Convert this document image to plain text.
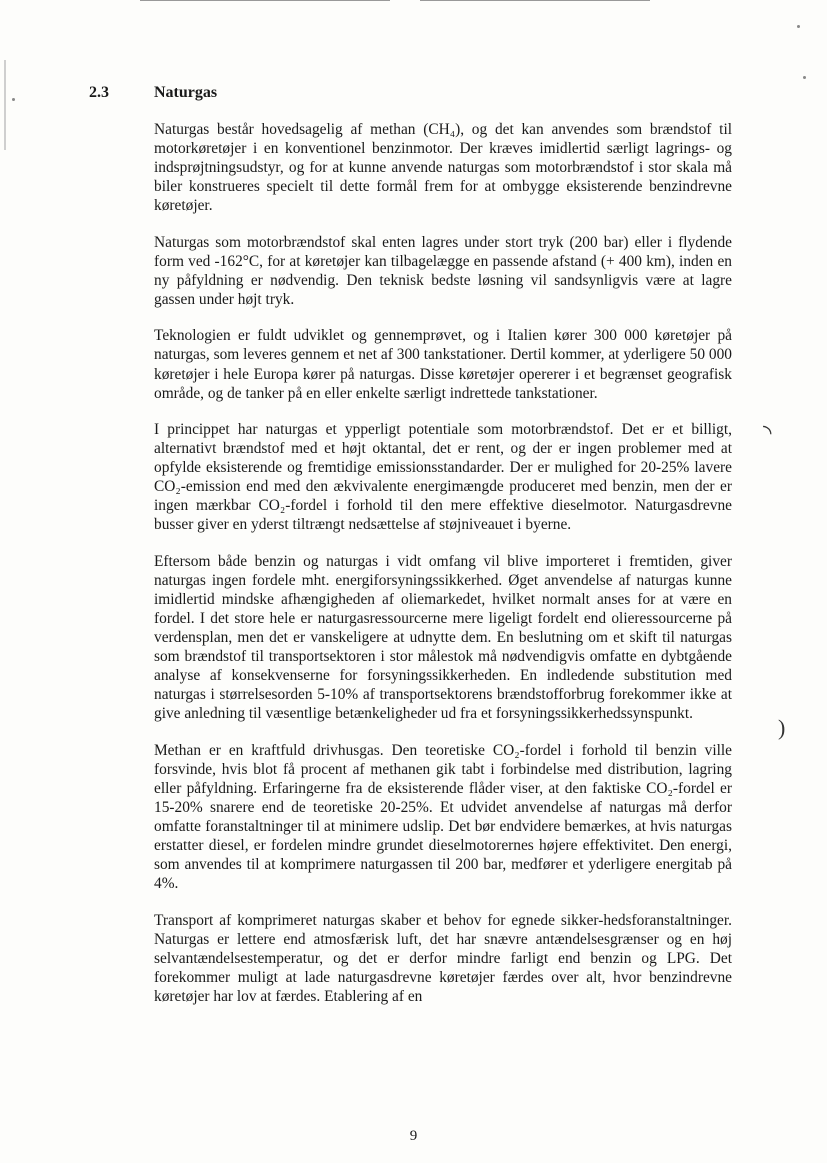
◝
)
2.3	Naturgas

Naturgas består hovedsagelig af methan (CH₄), og det kan anvendes som brændstof til motorkøretøjer i en konventionel benzinmotor. Der kræves imidlertid særligt lagrings- og indsprøjtningsudstyr, og for at kunne anvende naturgas som motorbrændstof i stor skala må biler konstrueres specielt til dette formål frem for at ombygge eksisterende benzindrevne køretøjer.

Naturgas som motorbrændstof skal enten lagres under stort tryk (200 bar) eller i flydende form ved -162°C, for at køretøjer kan tilbagelægge en passende afstand (+ 400 km), inden en ny påfyldning er nødvendig. Den teknisk bedste løsning vil sandsynligvis være at lagre gassen under højt tryk.

Teknologien er fuldt udviklet og gennemprøvet, og i Italien kører 300 000 køretøjer på naturgas, som leveres gennem et net af 300 tankstationer. Dertil kommer, at yderligere 50 000 køretøjer i hele Europa kører på naturgas. Disse køretøjer opererer i et begrænset geografisk område, og de tanker på en eller enkelte særligt indrettede tankstationer.

I princippet har naturgas et ypperligt potentiale som motorbrændstof. Det er et billigt, alternativt brændstof med et højt oktantal, det er rent, og der er ingen problemer med at opfylde eksisterende og fremtidige emissionsstandarder. Der er mulighed for 20-25% lavere CO₂-emission end med den ækvivalente energimængde produceret med benzin, men der er ingen mærkbar CO₂-fordel i forhold til den mere effektive dieselmotor. Naturgasdrevne busser giver en yderst tiltrængt nedsættelse af støjniveauet i byerne.

Eftersom både benzin og naturgas i vidt omfang vil blive importeret i fremtiden, giver naturgas ingen fordele mht. energiforsyningssikkerhed. Øget anvendelse af naturgas kunne imidlertid mindske afhængigheden af oliemarkedet, hvilket normalt anses for at være en fordel. I det store hele er naturgasressourcerne mere ligeligt fordelt end olieressourcerne på verdensplan, men det er vanskeligere at udnytte dem. En beslutning om et skift til naturgas som brændstof til transportsektoren i stor målestok må nødvendigvis omfatte en dybtgående analyse af konsekvenserne for forsyningssikkerheden. En indledende substitution med naturgas i størrelsesorden 5-10% af transportsektorens brændstofforbrug forekommer ikke at give anledning til væsentlige betænkeligheder ud fra et forsyningssikkerhedssynspunkt.

Methan er en kraftfuld drivhusgas. Den teoretiske CO₂-fordel i forhold til benzin ville forsvinde, hvis blot få procent af methanen gik tabt i forbindelse med distribution, lagring eller påfyldning. Erfaringerne fra de eksisterende flåder viser, at den faktiske CO₂-fordel er 15-20% snarere end de teoretiske 20-25%. Et udvidet anvendelse af naturgas må derfor omfatte foranstaltninger til at minimere udslip. Det bør endvidere bemærkes, at hvis naturgas erstatter diesel, er fordelen mindre grundet dieselmotorernes højere effektivitet. Den energi, som anvendes til at komprimere naturgassen til 200 bar, medfører et yderligere energitab på 4%.

Transport af komprimeret naturgas skaber et behov for egnede sikker-hedsforanstaltninger. Naturgas er lettere end atmosfærisk luft, det har snævre antændelsesgrænser og en høj selvantændelsestemperatur, og det er derfor mindre farligt end benzin og LPG. Det forekommer muligt at lade naturgasdrevne køretøjer færdes over alt, hvor benzindrevne køretøjer har lov at færdes. Etablering af en

9
